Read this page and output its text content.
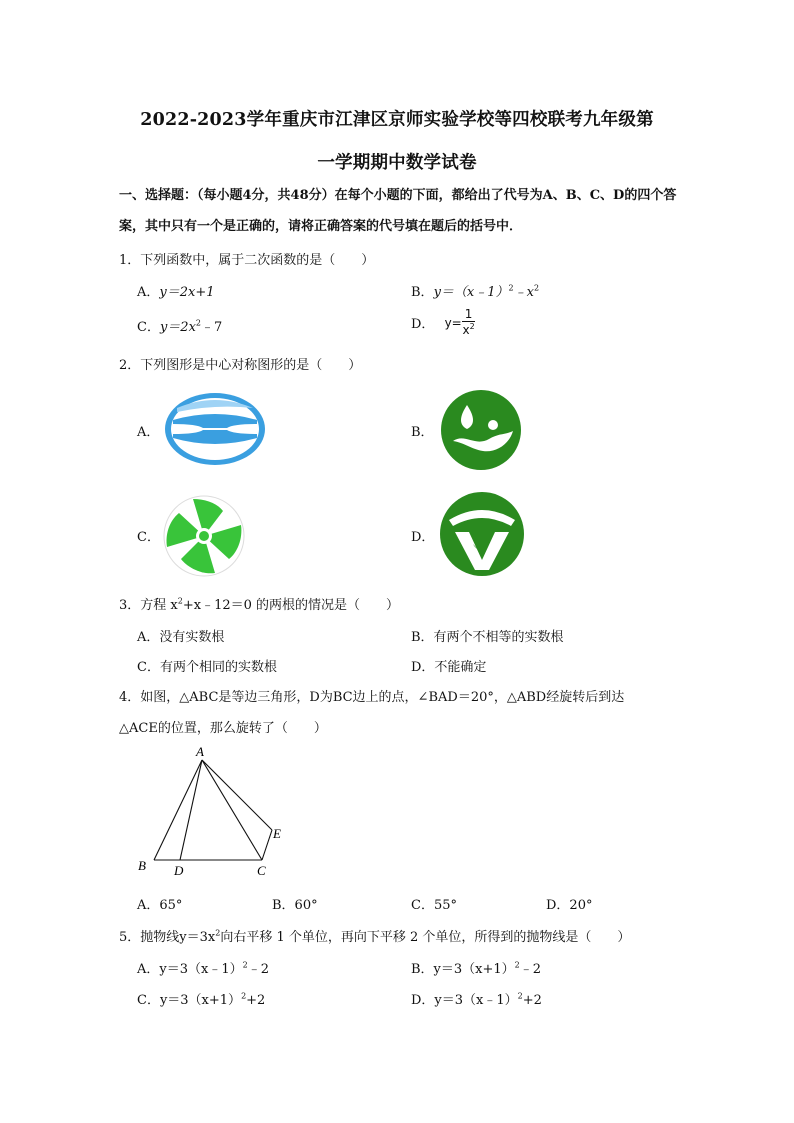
2022-2023学年重庆市江津区京师实验学校等四校联考九年级第
一学期期中数学试卷
一、选择题：（每小题4分，共48分）在每个小题的下面，都给出了代号为A、B、C、D的四个答案，其中只有一个是正确的，请将正确答案的代号填在题后的括号中．
1．下列函数中，属于二次函数的是（　　）
A．y＝2x+1	B．$y=(x﹣1)^2﹣x^2$
C．$y=2x^2﹣7$	D． $y= \frac{1}{x^2}$
2．下列图形是中心对称图形的是（　　）
A．	B．
C．	D．
3．方程 $x^2+x﹣12=0$ 的两根的情况是（　　）
A．没有实数根	B．有两个不相等的实数根
C．有两个相同的实数根	D．不能确定
4．如图，△ABC是等边三角形，D为BC边上的点，∠BAD＝20°，△ABD经旋转后到达
△ACE的位置，那么旋转了（　　）
A
B D	C
E
A．65°	B．60°	C．55°	D．20°
5．抛物线$y=3x^2$向右平移 1 个单位，再向下平移 2 个单位，所得到的抛物线是（　　）
A．y＝3（x﹣1）$^2$﹣2	B．$y=3(x+1)^2﹣2$
C．$y=3(x+1)^2+2$	D．y＝3（x﹣1）$^2$+2
